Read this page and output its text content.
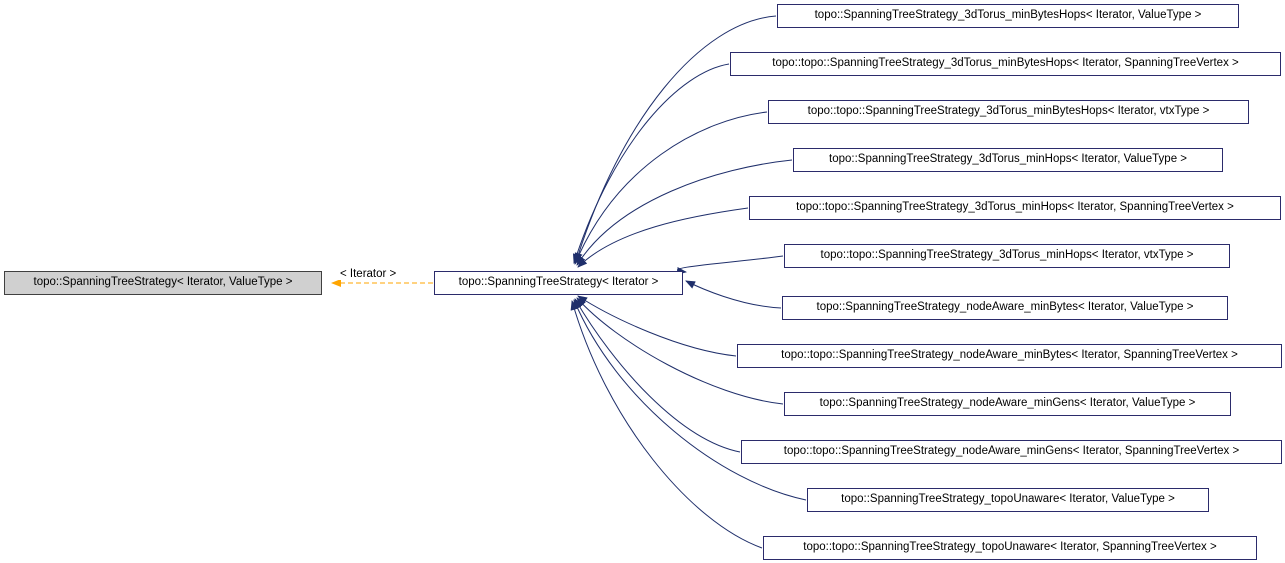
topo::SpanningTreeStrategy< Iterator, ValueType >
< Iterator >
topo::SpanningTreeStrategy< Iterator >
topo::SpanningTreeStrategy_3dTorus_minBytesHops< Iterator, ValueType >
topo::topo::SpanningTreeStrategy_3dTorus_minBytesHops< Iterator, SpanningTreeVertex >
topo::topo::SpanningTreeStrategy_3dTorus_minBytesHops< Iterator, vtxType >
topo::SpanningTreeStrategy_3dTorus_minHops< Iterator, ValueType >
topo::topo::SpanningTreeStrategy_3dTorus_minHops< Iterator, SpanningTreeVertex >
topo::topo::SpanningTreeStrategy_3dTorus_minHops< Iterator, vtxType >
topo::SpanningTreeStrategy_nodeAware_minBytes< Iterator, ValueType >
topo::topo::SpanningTreeStrategy_nodeAware_minBytes< Iterator, SpanningTreeVertex >
topo::SpanningTreeStrategy_nodeAware_minGens< Iterator, ValueType >
topo::topo::SpanningTreeStrategy_nodeAware_minGens< Iterator, SpanningTreeVertex >
topo::SpanningTreeStrategy_topoUnaware< Iterator, ValueType >
topo::topo::SpanningTreeStrategy_topoUnaware< Iterator, SpanningTreeVertex >
